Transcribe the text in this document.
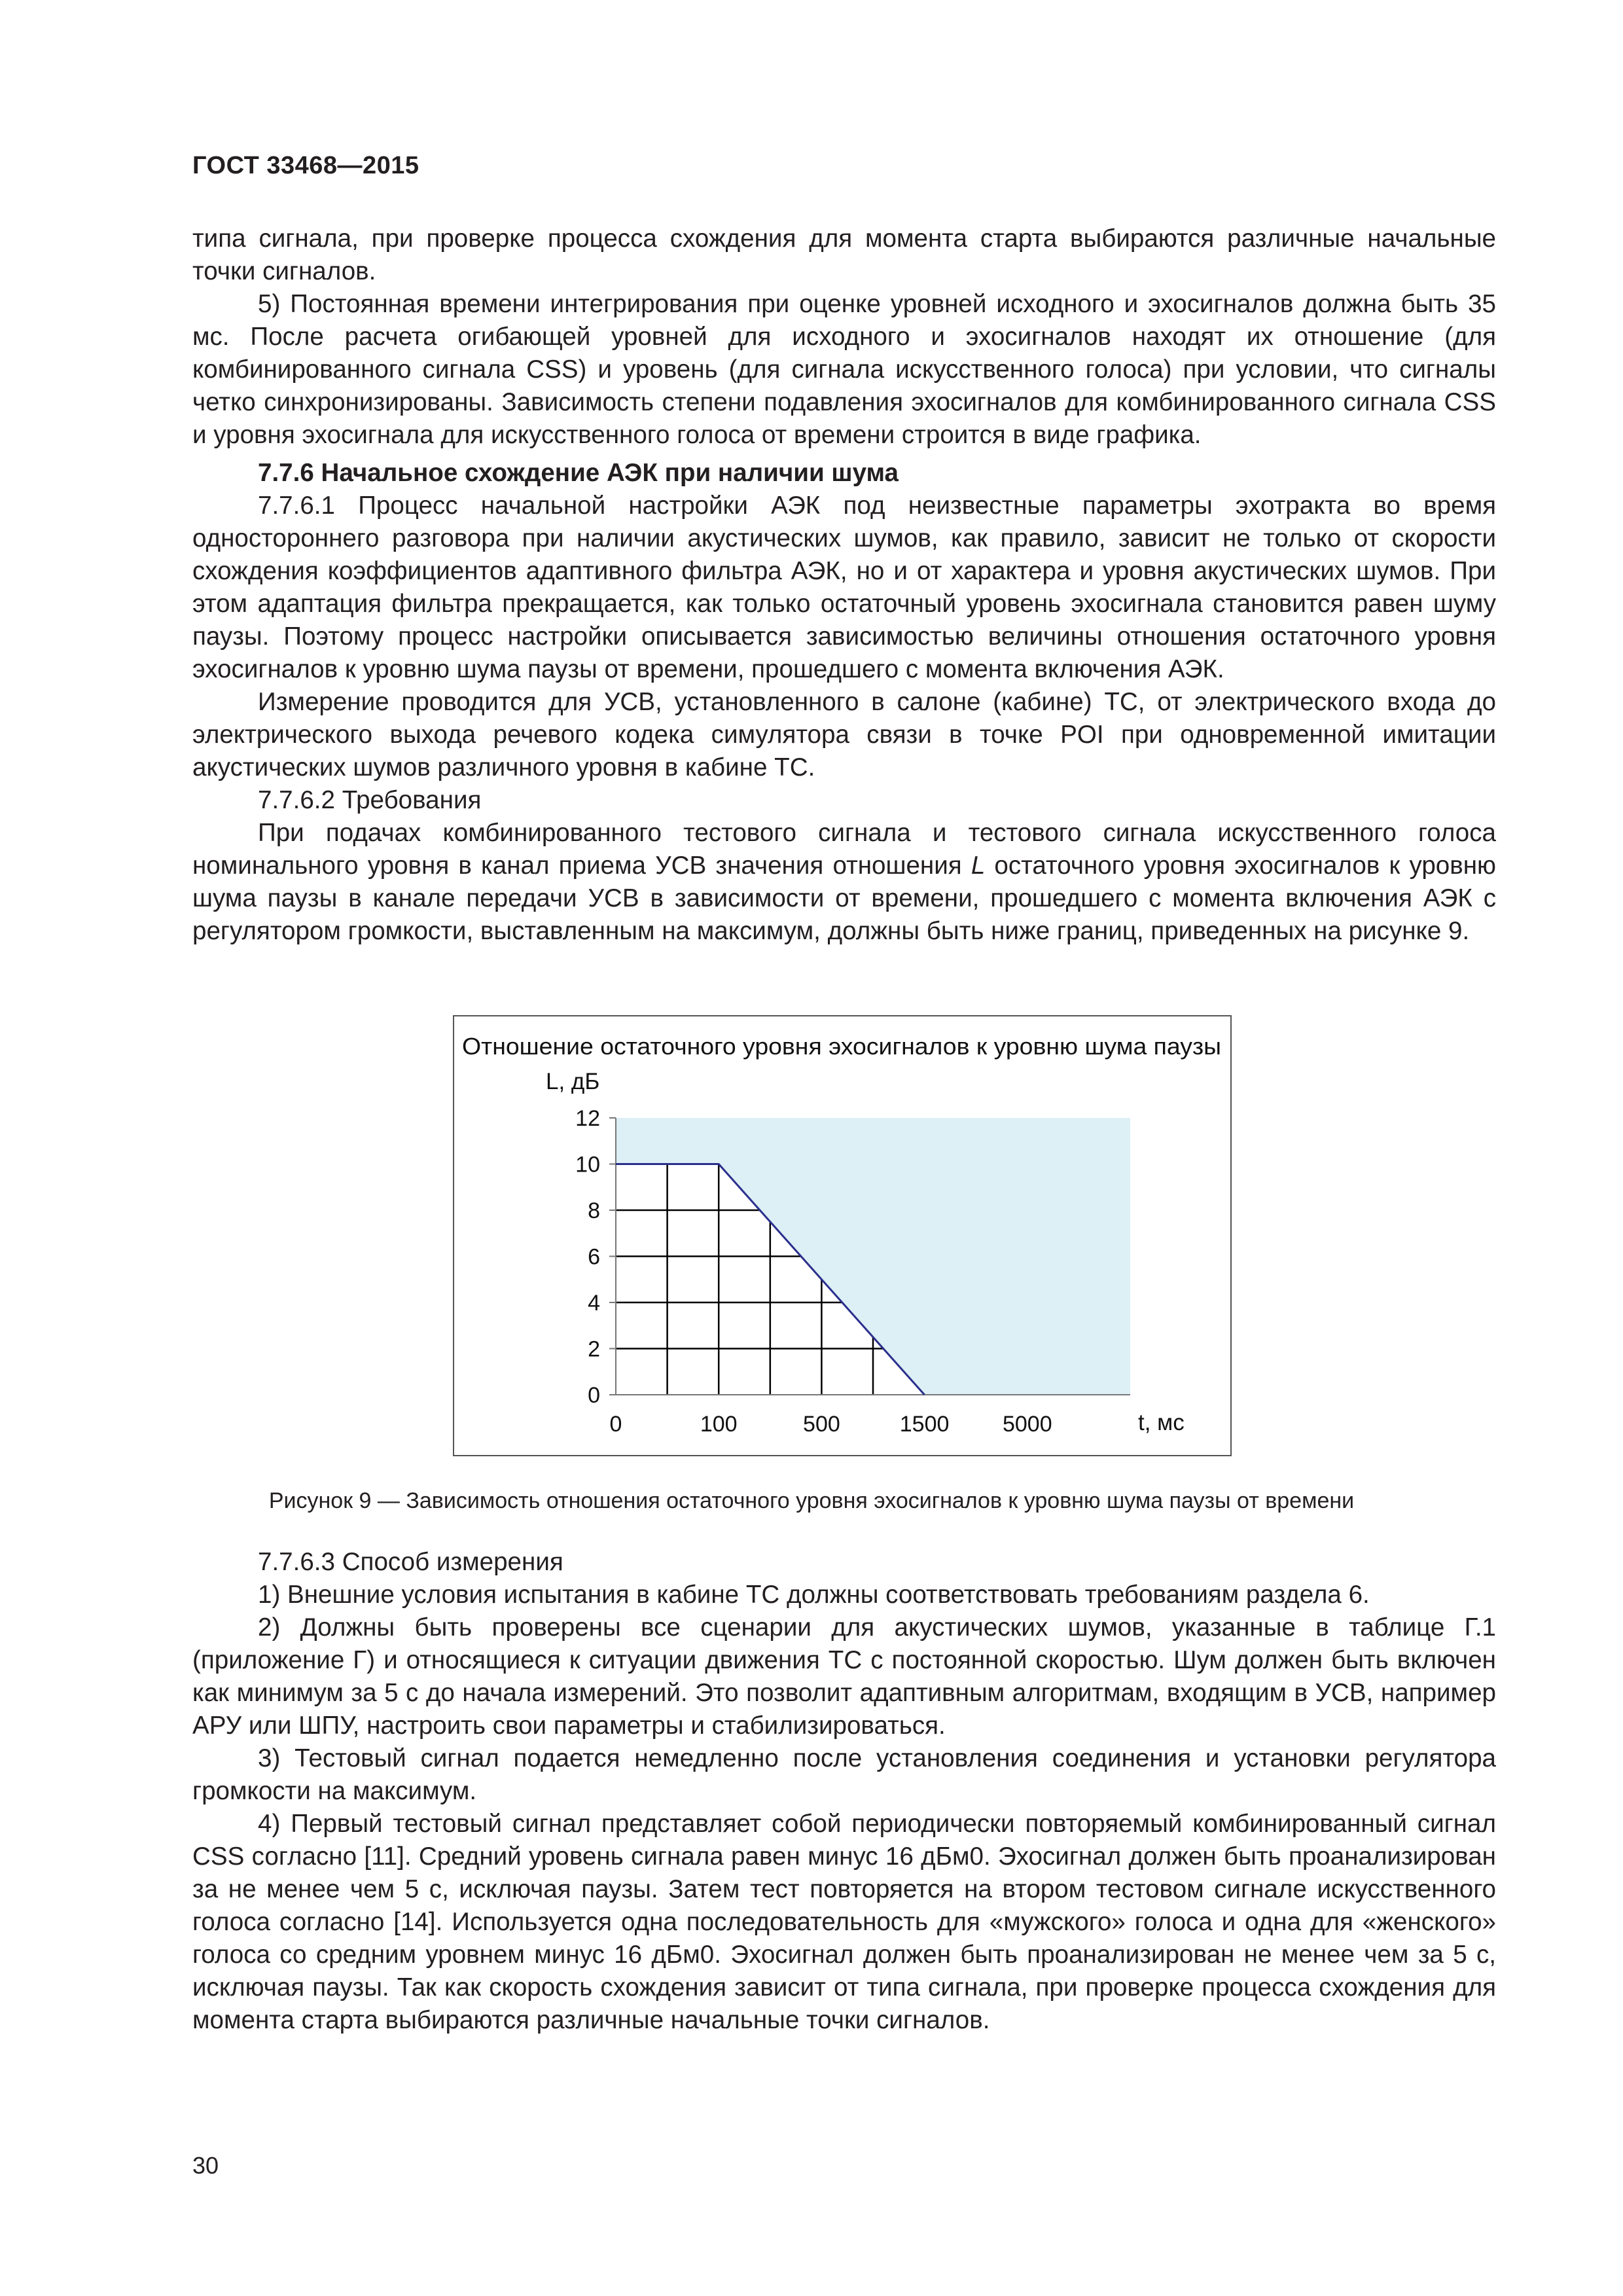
ГОСТ 33468—2015

типа сигнала, при проверке процесса схождения для момента старта выбираются различные начальные точки сигналов.

5) Постоянная времени интегрирования при оценке уровней исходного и эхосигналов должна быть 35 мс. После расчета огибающей уровней для исходного и эхосигналов находят их отношение (для комбинированного сигнала CSS) и уровень (для сигнала искусственного голоса) при условии, что сигналы четко синхронизированы. Зависимость степени подавления эхосигналов для комбинированного сигнала CSS и уровня эхосигнала для искусственного голоса от времени строится в виде графика.

7.7.6 Начальное схождение АЭК при наличии шума

7.7.6.1 Процесс начальной настройки АЭК под неизвестные параметры эхотракта во время одностороннего разговора при наличии акустических шумов, как правило, зависит не только от скорости схождения коэффициентов адаптивного фильтра АЭК, но и от характера и уровня акустических шумов. При этом адаптация фильтра прекращается, как только остаточный уровень эхосигнала становится равен шуму паузы. Поэтому процесс настройки описывается зависимостью величины отношения остаточного уровня эхосигналов к уровню шума паузы от времени, прошедшего с момента включения АЭК.

Измерение проводится для УСВ, установленного в салоне (кабине) ТС, от электрического входа до электрического выхода речевого кодека симулятора связи в точке POI при одновременной имитации акустических шумов различного уровня в кабине ТС.

7.7.6.2 Требования

При подачах комбинированного тестового сигнала и тестового сигнала искусственного голоса номинального уровня в канал приема УСВ значения отношения L остаточного уровня эхосигналов к уровню шума паузы в канале передачи УСВ в зависимости от времени, прошедшего с момента включения АЭК с регулятором громкости, выставленным на максимум, должны быть ниже границ, приведенных на рисунке 9.

Отношение остаточного уровня эхосигналов к уровню шума паузы
L, дБ
0
2
4
6
8
10
12
0	100	500	1500 5000	t, мс
Рисунок 9 — Зависимость отношения остаточного уровня эхосигналов к уровню шума паузы от времени

7.7.6.3 Способ измерения

1) Внешние условия испытания в кабине ТС должны соответствовать требованиям раздела 6.

2) Должны быть проверены все сценарии для акустических шумов, указанные в таблице Г.1 (приложение Г) и относящиеся к ситуации движения ТС с постоянной скоростью. Шум должен быть включен как минимум за 5 с до начала измерений. Это позволит адаптивным алгоритмам, входящим в УСВ, например АРУ или ШПУ, настроить свои параметры и стабилизироваться.

3) Тестовый сигнал подается немедленно после установления соединения и установки регулятора громкости на максимум.

4) Первый тестовый сигнал представляет собой периодически повторяемый комбинированный сигнал CSS согласно [11]. Средний уровень сигнала равен минус 16 дБм0. Эхосигнал должен быть проанализирован за не менее чем 5 с, исключая паузы. Затем тест повторяется на втором тестовом сигнале искусственного голоса согласно [14]. Используется одна последовательность для «мужского» голоса и одна для «женского» голоса со средним уровнем минус 16 дБм0. Эхосигнал должен быть проанализирован не менее чем за 5 с, исключая паузы. Так как скорость схождения зависит от типа сигнала, при проверке процесса схождения для момента старта выбираются различные начальные точки сигналов.

30
